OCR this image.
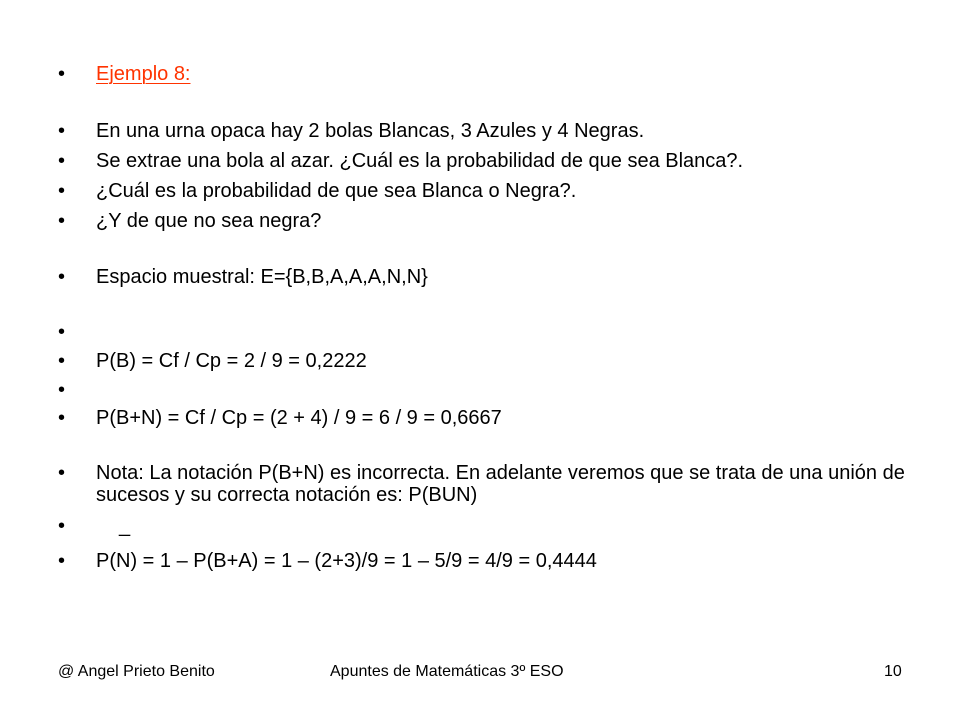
•	Ejemplo 8:
•	En una urna opaca hay 2 bolas Blancas, 3 Azules y 4 Negras.
•	Se extrae una bola al azar. ¿Cuál es la probabilidad de que sea Blanca?.
•	¿Cuál es la probabilidad de que sea Blanca o Negra?.
•	¿Y de que no sea negra?
•	Espacio muestral: E={B,B,A,A,A,N,N}
•
•	P(B) = Cf / Cp = 2 / 9 = 0,2222
•
•	P(B+N) = Cf / Cp = (2 + 4) / 9 = 6 / 9 = 0,6667
•	Nota: La notación P(B+N) es incorrecta. En adelante veremos que se trata de una unión de sucesos y su correcta notación es: P(BUN)
•	_
•	P(N) = 1 – P(B+A) = 1 – (2+3)/9 = 1 – 5/9 = 4/9 = 0,4444
@ Angel Prieto Benito	Apuntes de Matemáticas 3º ESO	10
